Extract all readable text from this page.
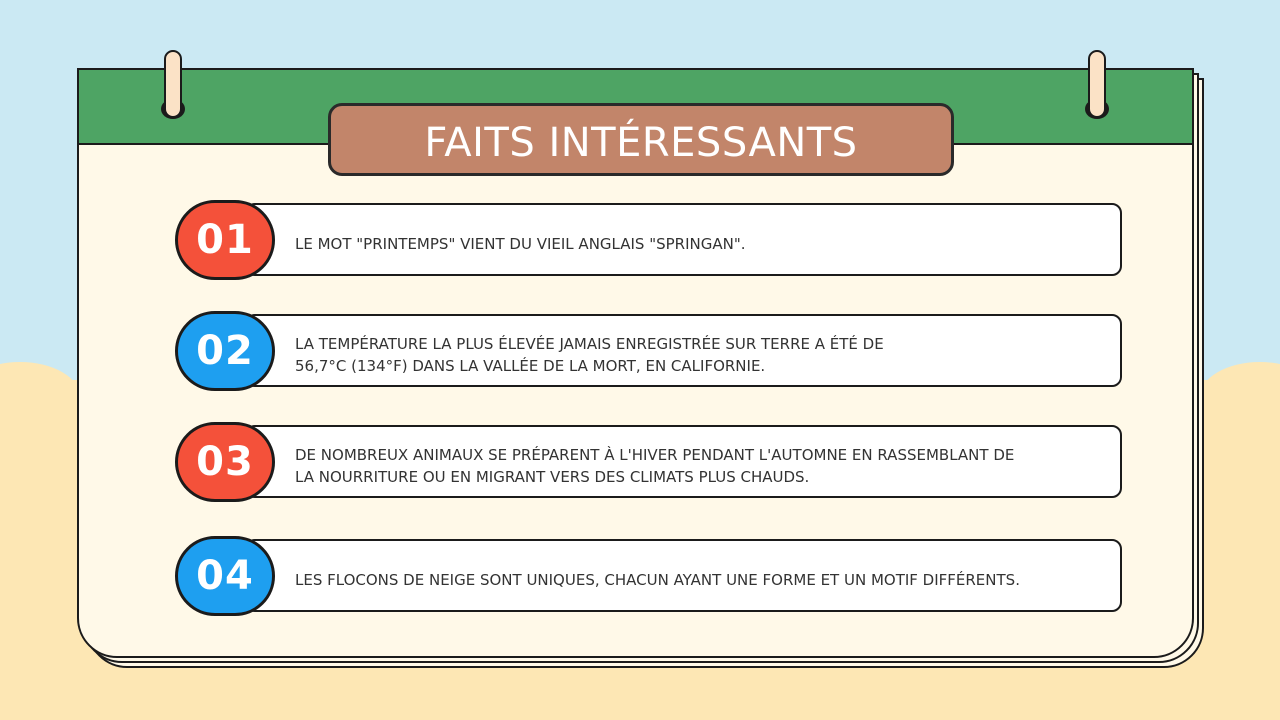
FAITS INTÉRESSANTS
LE MOT "PRINTEMPS" VIENT DU VIEIL ANGLAIS "SPRINGAN".
01
LA TEMPÉRATURE LA PLUS ÉLEVÉE JAMAIS ENREGISTRÉE SUR TERRE A ÉTÉ DE 56,7°C (134°F) DANS LA VALLÉE DE LA MORT, EN CALIFORNIE.
02
DE NOMBREUX ANIMAUX SE PRÉPARENT À L'HIVER PENDANT L'AUTOMNE EN RASSEMBLANT DE LA NOURRITURE OU EN MIGRANT VERS DES CLIMATS PLUS CHAUDS.
03
LES FLOCONS DE NEIGE SONT UNIQUES, CHACUN AYANT UNE FORME ET UN MOTIF DIFFÉRENTS.
04
